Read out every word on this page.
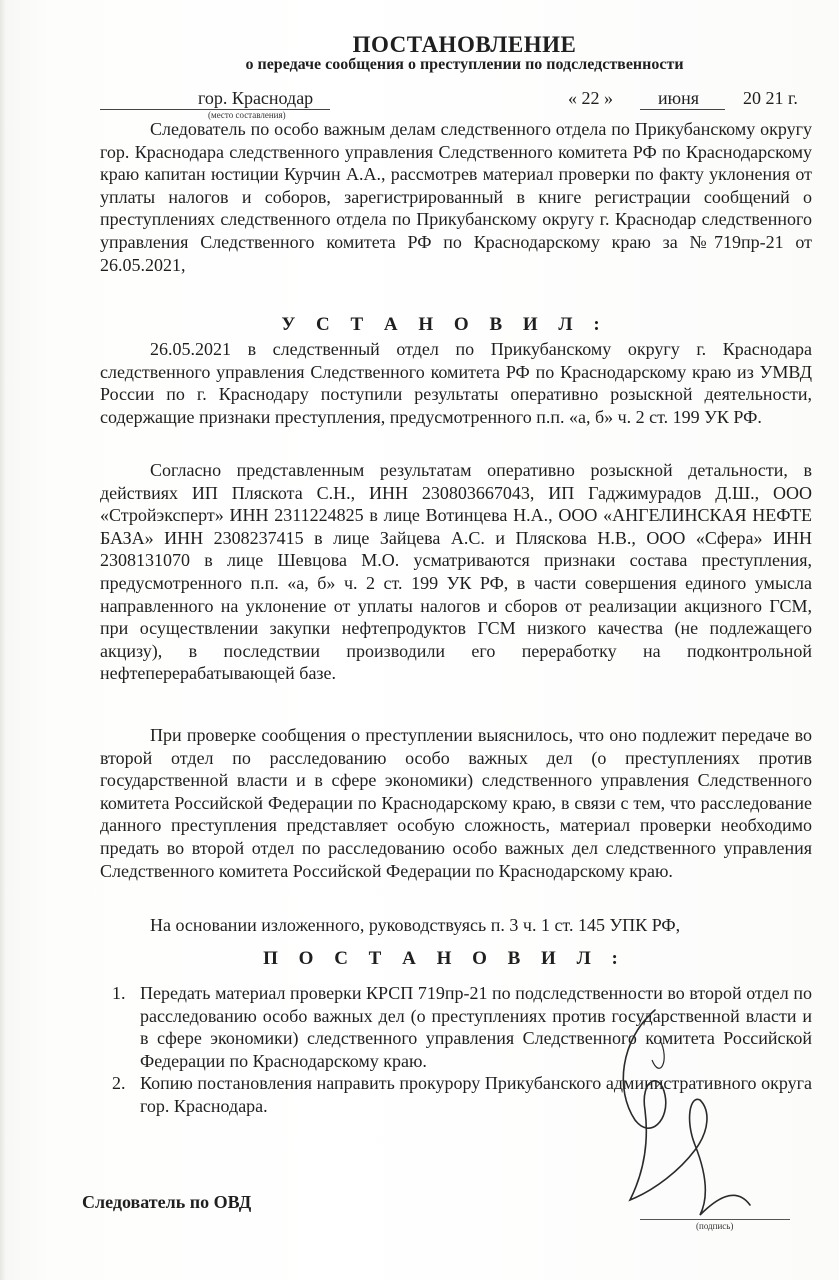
ПОСТАНОВЛЕНИЕ
о передаче сообщения о преступлении по подследственности
гор. Краснодар
(место составления)
« 22 »	июня 20 21 г.

Следователь по особо важным делам следственного отдела по Прикубанскому округу гор. Краснодара следственного управления Следственного комитета РФ по Краснодарскому краю капитан юстиции Курчин А.А., рассмотрев материал проверки по факту уклонения от уплаты налогов и соборов, зарегистрированный в книге регистрации сообщений о преступлениях следственного отдела по Прикубанскому округу г. Краснодар следственного управления Следственного комитета РФ по Краснодарскому краю за №719пр-21 от 26.05.2021,

У С Т А Н О В И Л :

26.05.2021 в следственный отдел по Прикубанскому округу г. Краснодара следственного управления Следственного комитета РФ по Краснодарскому краю из УМВД России по г. Краснодару поступили результаты оперативно розыскной деятельности, содержащие признаки преступления, предусмотренного п.п. «а, б» ч. 2 ст. 199 УК РФ.

Согласно представленным результатам оперативно розыскной детальности, в действиях ИП Пляскота С.Н., ИНН 230803667043, ИП Гаджимурадов Д.Ш., ООО «Стройэксперт» ИНН 2311224825 в лице Вотинцева Н.А., ООО «АНГЕЛИНСКАЯ НЕФТЕ БАЗА» ИНН 2308237415 в лице Зайцева А.С. и Пляскова Н.В., ООО «Сфера» ИНН 2308131070 в лице Шевцова М.О. усматриваются признаки состава преступления, предусмотренного п.п. «а, б» ч. 2 ст. 199 УК РФ, в части совершения единого умысла направленного на уклонение от уплаты налогов и сборов от реализации акцизного ГСМ, при осуществлении закупки нефтепродуктов ГСМ низкого качества (не подлежащего акцизу), в последствии производили его переработку на подконтрольной нефтеперерабатывающей базе.

При проверке сообщения о преступлении выяснилось, что оно подлежит передаче во второй отдел по расследованию особо важных дел (о преступлениях против государственной власти и в сфере экономики) следственного управления Следственного комитета Российской Федерации по Краснодарскому краю, в связи с тем, что расследование данного преступления представляет особую сложность, материал проверки необходимо предать во второй отдел по расследованию особо важных дел следственного управления Следственного комитета Российской Федерации по Краснодарскому краю.

На основании изложенного, руководствуясь п. 3 ч. 1 ст. 145 УПК РФ,

П О С Т А Н О В И Л :
1. Передать материал проверки КРСП 719пр-21 по подследственности во второй отдел по расследованию особо важных дел (о преступлениях против государственной власти и в сфере экономики) следственного управления Следственного комитета Российской Федерации по Краснодарскому краю.
2. Копию постановления направить прокурору Прикубанского административного округа гор. Краснодара.
Следователь по ОВД
(подпись)
